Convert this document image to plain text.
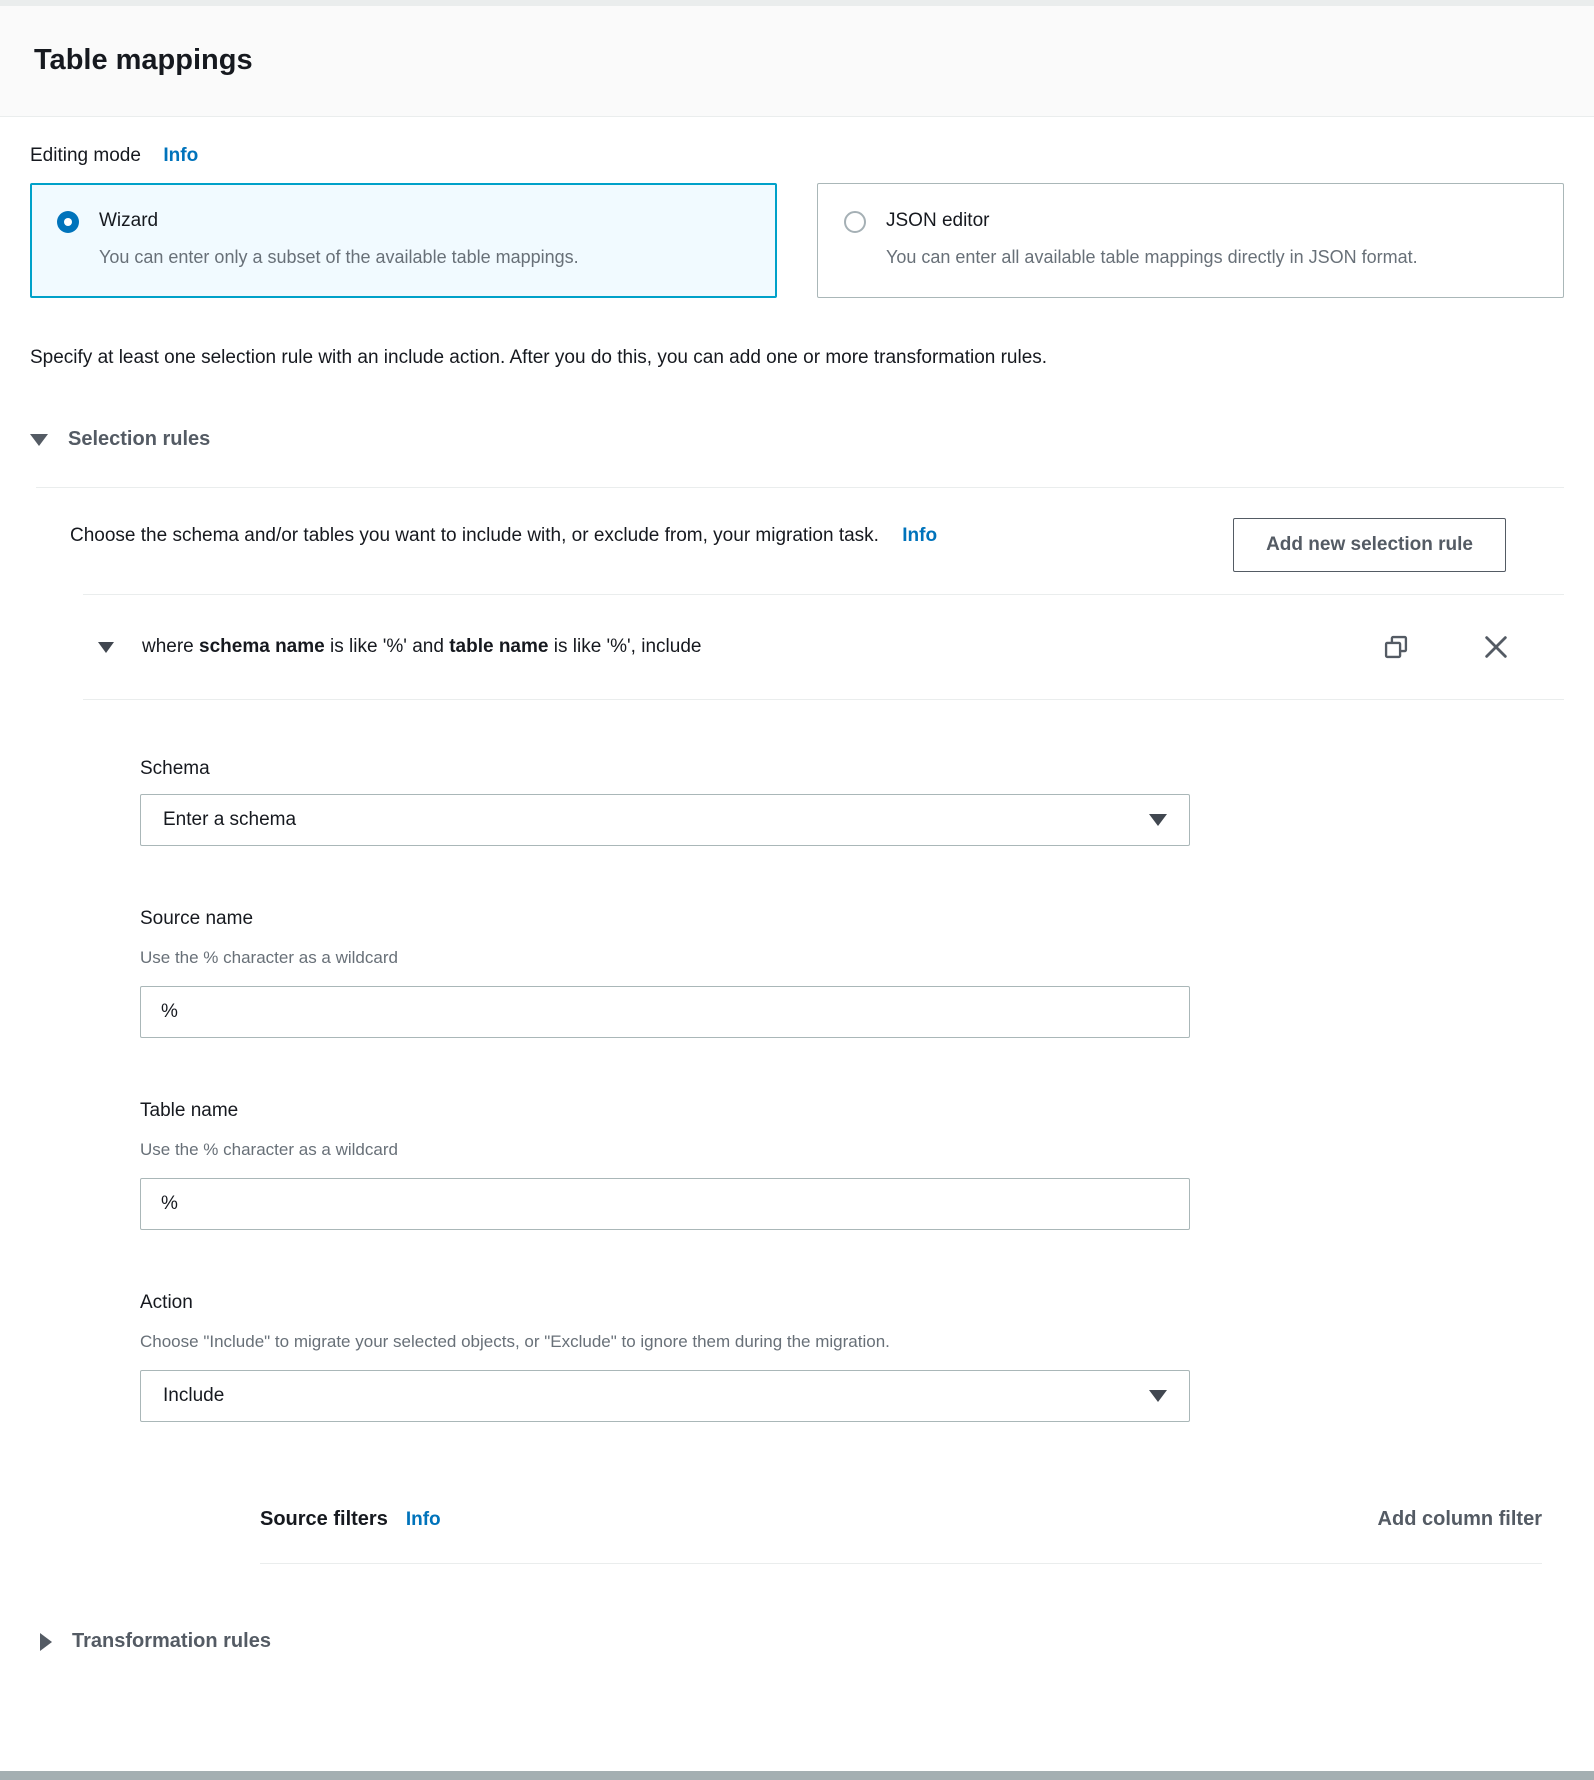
Table mappings
Editing mode Info
Wizard
You can enter only a subset of the available table mappings.
JSON editor
You can enter all available table mappings directly in JSON format.

Specify at least one selection rule with an include action. After you do this, you can add one or more transformation rules.

Selection rules

Choose the schema and/or tables you want to include with, or exclude from, your migration task. Info	Add new selection rule

where schema name is like '%' and table name is like '%', include

Schema
Enter a schema
Source name
Use the % character as a wildcard
%
Table name
Use the % character as a wildcard
%
Action
Choose "Include" to migrate your selected objects, or "Exclude" to ignore them during the migration.
Include
Source filters Info	Add column filter
Transformation rules
